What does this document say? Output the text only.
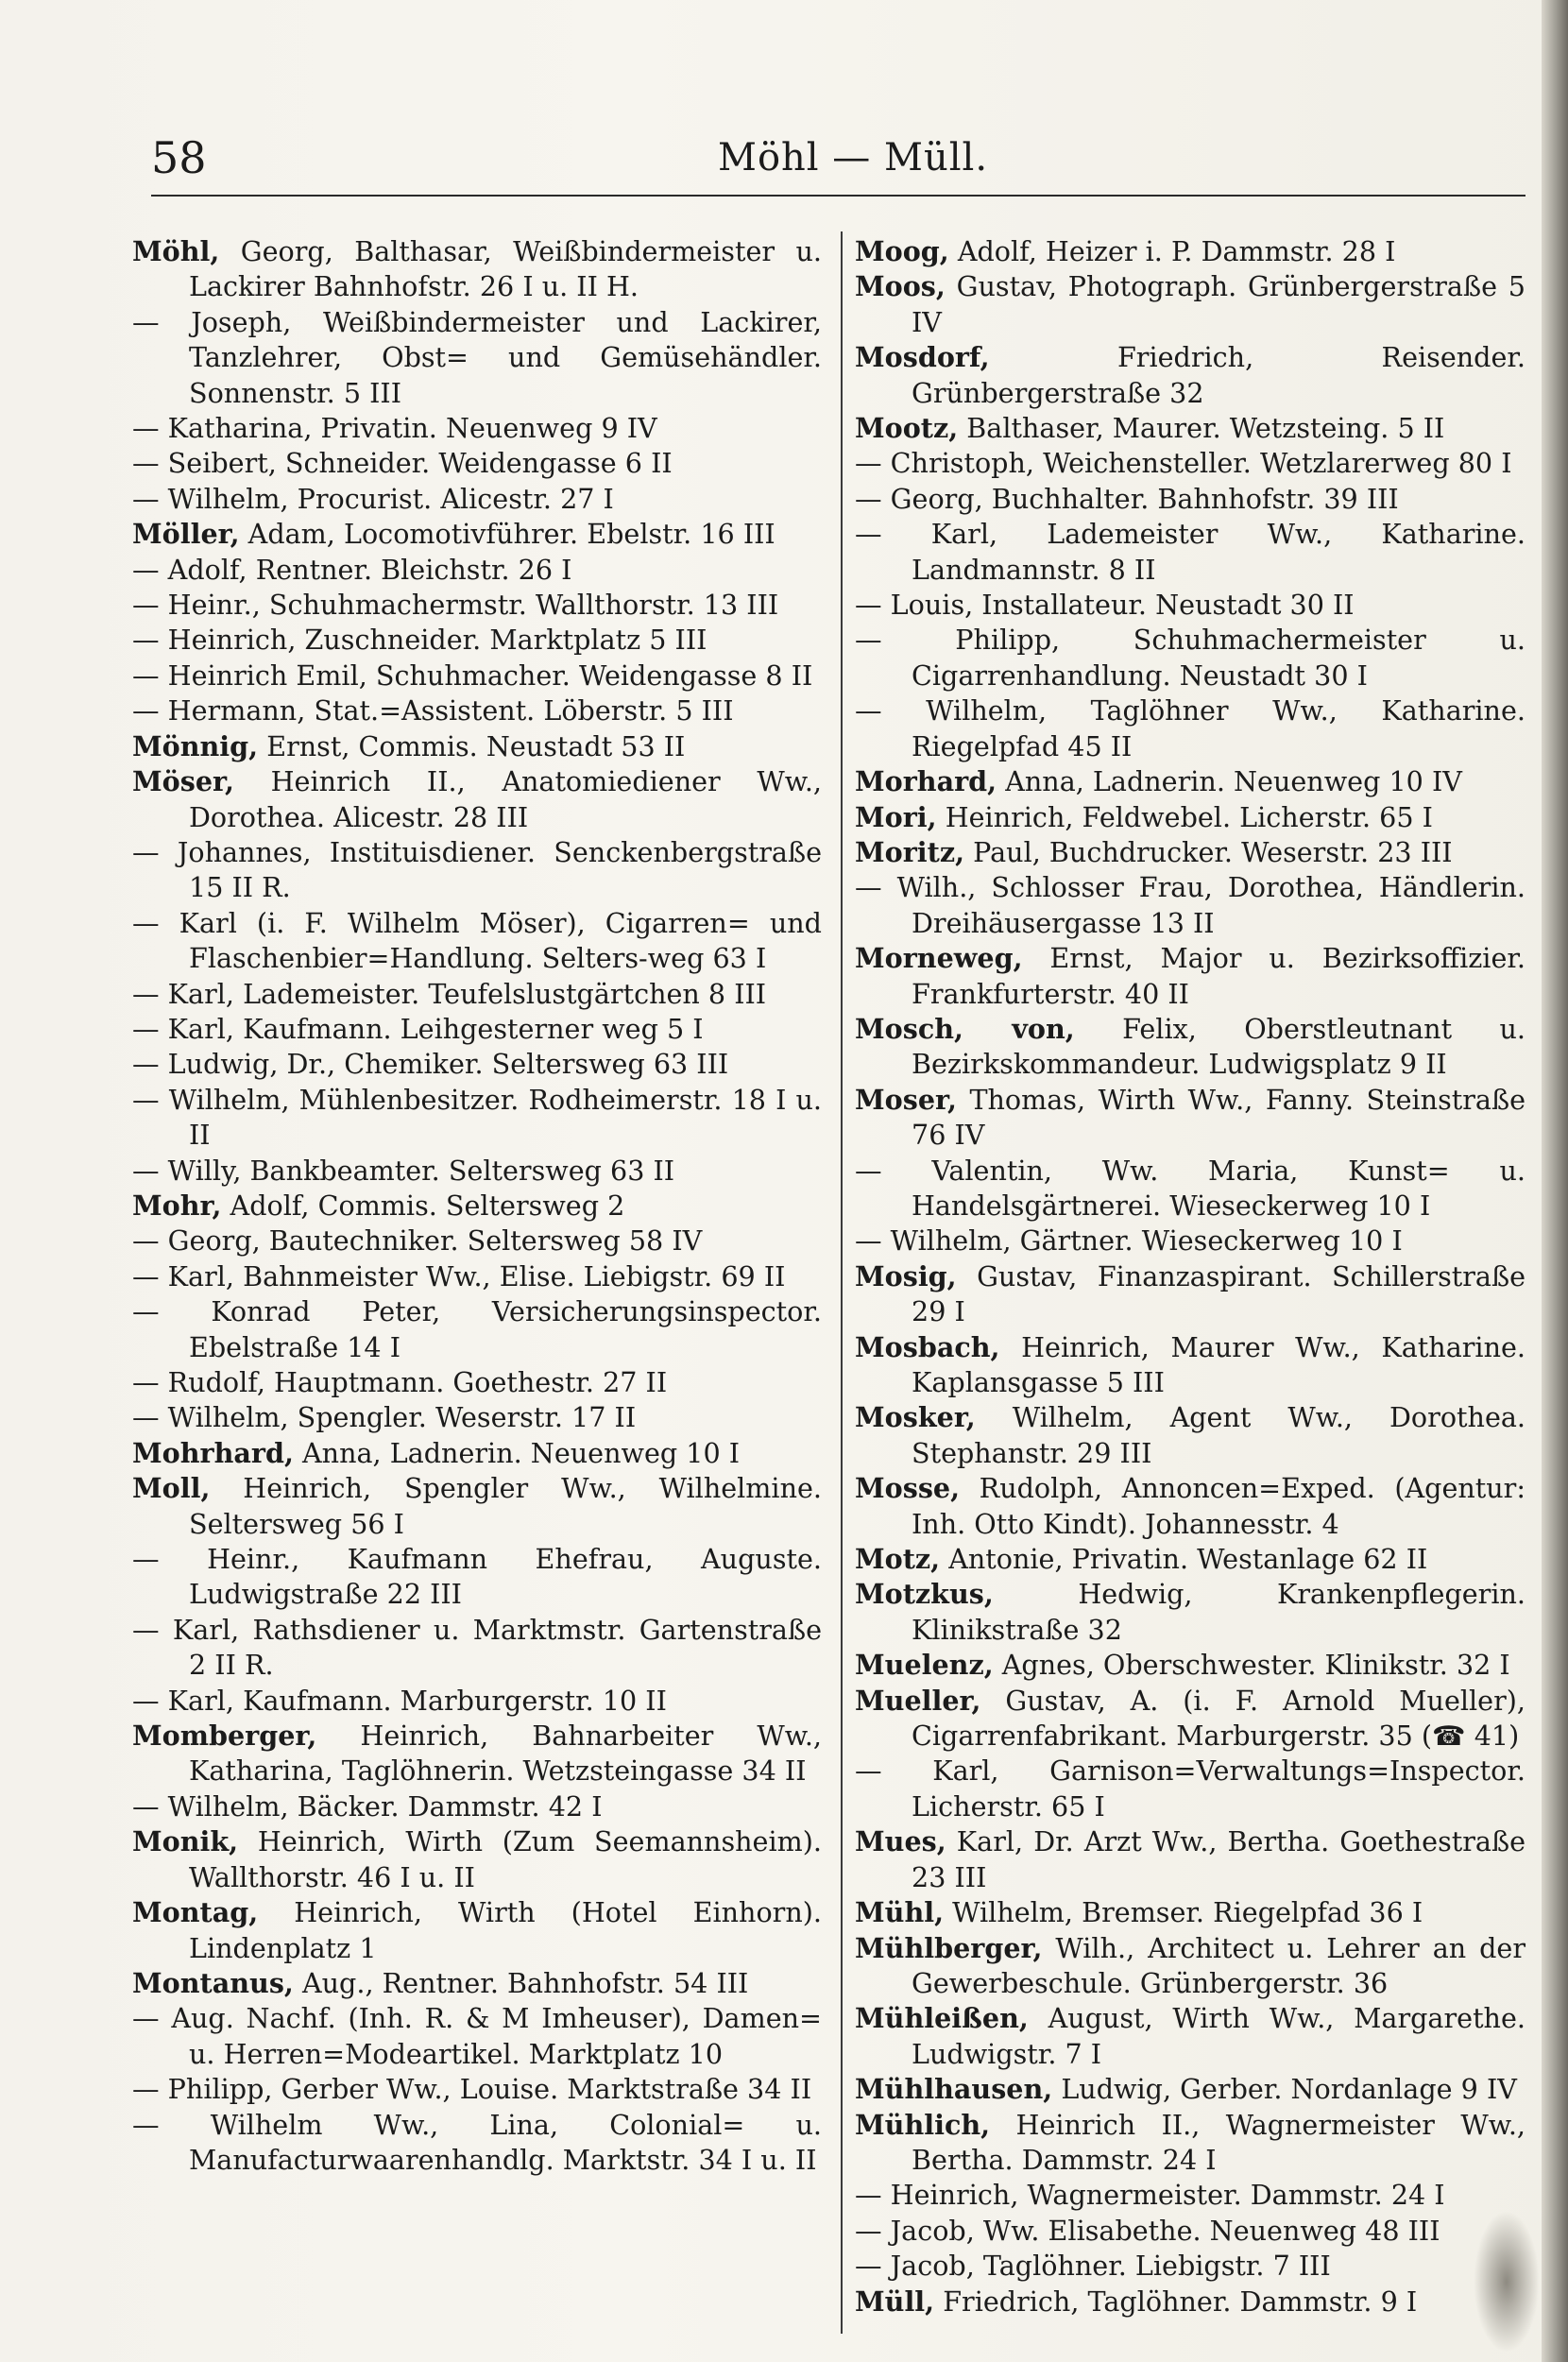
58	Möhl — Müll.
Möhl, Georg, Balthasar, Weißbindermeister u. Lackirer Bahnhofstr. 26 I u. II H.
— Joseph, Weißbindermeister und Lackirer, Tanzlehrer, Obst= und Gemüsehändler. Sonnenstr. 5 III
— Katharina, Privatin. Neuenweg 9 IV
— Seibert, Schneider. Weidengasse 6 II
— Wilhelm, Procurist. Alicestr. 27 I
Möller, Adam, Locomotivführer. Ebelstr. 16 III
— Adolf, Rentner. Bleichstr. 26 I
— Heinr., Schuhmachermstr. Wallthorstr. 13 III
— Heinrich, Zuschneider. Marktplatz 5 III
— Heinrich Emil, Schuhmacher. Weidengasse 8 II
— Hermann, Stat.=Assistent. Löberstr. 5 III
Mönnig, Ernst, Commis. Neustadt 53 II
Möser, Heinrich II., Anatomiediener Ww., Dorothea. Alicestr. 28 III
— Johannes, Instituisdiener. Senckenbergstraße 15 II R.
— Karl (i. F. Wilhelm Möser), Cigarren= und Flaschenbier=Handlung. Selters-weg 63 I
— Karl, Lademeister. Teufelslustgärtchen 8 III
— Karl, Kaufmann. Leihgesterner weg 5 I
— Ludwig, Dr., Chemiker. Seltersweg 63 III
— Wilhelm, Mühlenbesitzer. Rodheimerstr. 18 I u. II
— Willy, Bankbeamter. Seltersweg 63 II
Mohr, Adolf, Commis. Seltersweg 2
— Georg, Bautechniker. Seltersweg 58 IV
— Karl, Bahnmeister Ww., Elise. Liebigstr. 69 II
— Konrad Peter, Versicherungsinspector. Ebelstraße 14 I
— Rudolf, Hauptmann. Goethestr. 27 II
— Wilhelm, Spengler. Weserstr. 17 II
Mohrhard, Anna, Ladnerin. Neuenweg 10 I
Moll, Heinrich, Spengler Ww., Wilhelmine. Seltersweg 56 I
— Heinr., Kaufmann Ehefrau, Auguste. Ludwigstraße 22 III
— Karl, Rathsdiener u. Marktmstr. Gartenstraße 2 II R.
— Karl, Kaufmann. Marburgerstr. 10 II
Momberger, Heinrich, Bahnarbeiter Ww., Katharina, Taglöhnerin. Wetzsteingasse 34 II
— Wilhelm, Bäcker. Dammstr. 42 I
Monik, Heinrich, Wirth (Zum Seemannsheim). Wallthorstr. 46 I u. II
Montag, Heinrich, Wirth (Hotel Einhorn). Lindenplatz 1
Montanus, Aug., Rentner. Bahnhofstr. 54 III
— Aug. Nachf. (Inh. R. & M Imheuser), Damen= u. Herren=Modeartikel. Marktplatz 10
— Philipp, Gerber Ww., Louise. Marktstraße 34 II
— Wilhelm Ww., Lina, Colonial= u. Manufacturwaarenhandlg. Marktstr. 34 I u. II
Moog, Adolf, Heizer i. P. Dammstr. 28 I
Moos, Gustav, Photograph. Grünbergerstraße 5 IV
Mosdorf, Friedrich, Reisender. Grünbergerstraße 32
Mootz, Balthaser, Maurer. Wetzsteing. 5 II
— Christoph, Weichensteller. Wetzlarerweg 80 I
— Georg, Buchhalter. Bahnhofstr. 39 III
— Karl, Lademeister Ww., Katharine. Landmannstr. 8 II
— Louis, Installateur. Neustadt 30 II
— Philipp, Schuhmachermeister u. Cigarrenhandlung. Neustadt 30 I
— Wilhelm, Taglöhner Ww., Katharine. Riegelpfad 45 II
Morhard, Anna, Ladnerin. Neuenweg 10 IV
Mori, Heinrich, Feldwebel. Licherstr. 65 I
Moritz, Paul, Buchdrucker. Weserstr. 23 III
— Wilh., Schlosser Frau, Dorothea, Händlerin. Dreihäusergasse 13 II
Morneweg, Ernst, Major u. Bezirksoffizier. Frankfurterstr. 40 II
Mosch, von, Felix, Oberstleutnant u. Bezirkskommandeur. Ludwigsplatz 9 II
Moser, Thomas, Wirth Ww., Fanny. Steinstraße 76 IV
— Valentin, Ww. Maria, Kunst= u. Handelsgärtnerei. Wieseckerweg 10 I
— Wilhelm, Gärtner. Wieseckerweg 10 I
Mosig, Gustav, Finanzaspirant. Schillerstraße 29 I
Mosbach, Heinrich, Maurer Ww., Katharine. Kaplansgasse 5 III
Mosker, Wilhelm, Agent Ww., Dorothea. Stephanstr. 29 III
Mosse, Rudolph, Annoncen=Exped. (Agentur: Inh. Otto Kindt). Johannesstr. 4
Motz, Antonie, Privatin. Westanlage 62 II
Motzkus, Hedwig, Krankenpflegerin. Klinikstraße 32
Muelenz, Agnes, Oberschwester. Klinikstr. 32 I
Mueller, Gustav, A. (i. F. Arnold Mueller), Cigarrenfabrikant. Marburgerstr. 35 (☎ 41)
— Karl, Garnison=Verwaltungs=Inspector. Licherstr. 65 I
Mues, Karl, Dr. Arzt Ww., Bertha. Goethestraße 23 III
Mühl, Wilhelm, Bremser. Riegelpfad 36 I
Mühlberger, Wilh., Architect u. Lehrer an der Gewerbeschule. Grünbergerstr. 36
Mühleißen, August, Wirth Ww., Margarethe. Ludwigstr. 7 I
Mühlhausen, Ludwig, Gerber. Nordanlage 9 IV
Mühlich, Heinrich II., Wagnermeister Ww., Bertha. Dammstr. 24 I
— Heinrich, Wagnermeister. Dammstr. 24 I
— Jacob, Ww. Elisabethe. Neuenweg 48 III
— Jacob, Taglöhner. Liebigstr. 7 III
Müll, Friedrich, Taglöhner. Dammstr. 9 I
